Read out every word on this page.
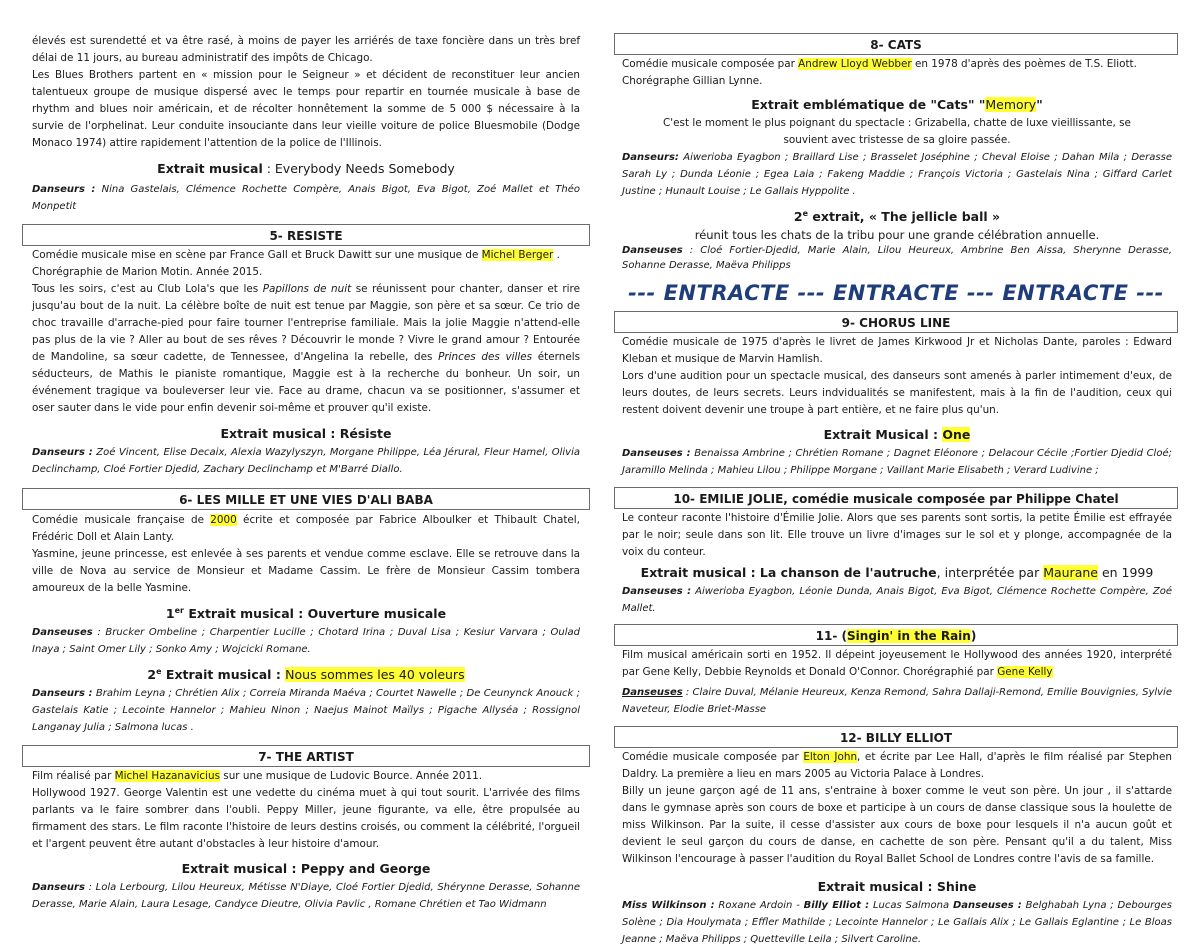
élevés est surendetté et va être rasé, à moins de payer les arriérés de taxe foncière dans un très bref délai de 11 jours, au bureau administratif des impôts de Chicago.

Les Blues Brothers partent en « mission pour le Seigneur » et décident de reconstituer leur ancien talentueux groupe de musique dispersé avec le temps pour repartir en tournée musicale à base de rhythm and blues noir américain, et de récolter honnêtement la somme de 5 000 $ nécessaire à la survie de l'orphelinat. Leur conduite insouciante dans leur vieille voiture de police Bluesmobile (Dodge Monaco 1974) attire rapidement l'attention de la police de l'Illinois.

Extrait musical : Everybody Needs Somebody

Danseurs : Nina Gastelais, Clémence Rochette Compère, Anais Bigot, Eva Bigot, Zoé Mallet et Théo Monpetit

5- RESISTE

Comédie musicale mise en scène par France Gall et Bruck Dawitt sur une musique de Michel Berger .

Chorégraphie de Marion Motin. Année 2015.

Tous les soirs, c'est au Club Lola's que les Papillons de nuit se réunissent pour chanter, danser et rire jusqu'au bout de la nuit. La célèbre boîte de nuit est tenue par Maggie, son père et sa sœur. Ce trio de choc travaille d'arrache-pied pour faire tourner l'entreprise familiale. Mais la jolie Maggie n'attend-elle pas plus de la vie ? Aller au bout de ses rêves ? Découvrir le monde ? Vivre le grand amour ? Entourée de Mandoline, sa sœur cadette, de Tennessee, d'Angelina la rebelle, des Princes des villes éternels séducteurs, de Mathis le pianiste romantique, Maggie est à la recherche du bonheur. Un soir, un événement tragique va bouleverser leur vie. Face au drame, chacun va se positionner, s'assumer et oser sauter dans le vide pour enfin devenir soi-même et prouver qu'il existe.

Extrait musical : Résiste

Danseurs : Zoé Vincent, Elise Decaix, Alexia Wazylyszyn, Morgane Philippe, Léa Jérural, Fleur Hamel, Olivia Declinchamp, Cloé Fortier Djedid, Zachary Declinchamp et M'Barré Diallo.

6- LES MILLE ET UNE VIES D'ALI BABA

Comédie musicale française de 2000 écrite et composée par Fabrice Alboulker et Thibault Chatel, Frédéric Doll et Alain Lanty.

Yasmine, jeune princesse, est enlevée à ses parents et vendue comme esclave. Elle se retrouve dans la ville de Nova au service de Monsieur et Madame Cassim. Le frère de Monsieur Cassim tombera amoureux de la belle Yasmine.

1er Extrait musical : Ouverture musicale

Danseuses : Brucker Ombeline ; Charpentier Lucille ; Chotard Irina ; Duval Lisa ; Kesiur Varvara ; Oulad Inaya ; Saint Omer Lily ; Sonko Amy ; Wojcicki Romane.

2e Extrait musical : Nous sommes les 40 voleurs

Danseurs : Brahim Leyna ; Chrétien Alix ; Correia Miranda Maéva ; Courtet Nawelle ; De Ceunynck Anouck ; Gastelais Katie ; Lecointe Hannelor ; Mahieu Ninon ; Naejus Mainot Maïlys ; Pigache Allyséa ; Rossignol Langanay Julia ; Salmona lucas .

7- THE ARTIST

Film réalisé par Michel Hazanavicius sur une musique de Ludovic Bource. Année 2011.

Hollywood 1927. George Valentin est une vedette du cinéma muet à qui tout sourit. L'arrivée des films parlants va le faire sombrer dans l'oubli. Peppy Miller, jeune figurante, va elle, être propulsée au firmament des stars. Le film raconte l'histoire de leurs destins croisés, ou comment la célébrité, l'orgueil et l'argent peuvent être autant d'obstacles à leur histoire d'amour.

Extrait musical : Peppy and George

Danseurs : Lola Lerbourg, Lilou Heureux, Métisse N'Diaye, Cloé Fortier Djedid, Shérynne Derasse, Sohanne Derasse, Marie Alain, Laura Lesage, Candyce Dieutre, Olivia Pavlic , Romane Chrétien et Tao Widmann

8- CATS

Comédie musicale composée par Andrew Lloyd Webber en 1978 d'après des poèmes de T.S. Eliott.

Chorégraphe Gillian Lynne.

Extrait emblématique de "Cats" "Memory"

C'est le moment le plus poignant du spectacle : Grizabella, chatte de luxe vieillissante, se souvient avec tristesse de sa gloire passée.

Danseurs: Aiwerioba Eyagbon ; Braillard Lise ; Brasselet Joséphine ; Cheval Eloise ; Dahan Mila ; Derasse Sarah Ly ; Dunda Léonie ; Egea Laia ; Fakeng Maddie ; François Victoria ; Gastelais Nina ; Giffard Carlet Justine ; Hunault Louise ; Le Gallais Hyppolite .

2e extrait, « The jellicle ball »

réunit tous les chats de la tribu pour une grande célébration annuelle.

Danseuses : Cloé Fortier-Djedid, Marie Alain, Lilou Heureux, Ambrine Ben Aissa, Sherynne Derasse, Sohanne Derasse, Maëva Philipps

--- ENTRACTE --- ENTRACTE --- ENTRACTE ---
9- CHORUS LINE

Comédie musicale de 1975 d'après le livret de James Kirkwood Jr et Nicholas Dante, paroles : Edward Kleban et musique de Marvin Hamlish.

Lors d'une audition pour un spectacle musical, des danseurs sont amenés à parler intimement d'eux, de leurs doutes, de leurs secrets. Leurs indvidualités se manifestent, mais à la fin de l'audition, ceux qui restent doivent devenir une troupe à part entière, et ne faire plus qu'un.

Extrait Musical : One

Danseuses : Benaissa Ambrine ; Chrétien Romane ; Dagnet Eléonore ; Delacour Cécile ;Fortier Djedid Cloé; Jaramillo Melinda ; Mahieu Lilou ; Philippe Morgane ; Vaillant Marie Elisabeth ; Verard Ludivine ;

10- EMILIE JOLIE, comédie musicale composée par Philippe Chatel

Le conteur raconte l'histoire d'Émilie Jolie. Alors que ses parents sont sortis, la petite Émilie est effrayée par le noir; seule dans son lit. Elle trouve un livre d'images sur le sol et y plonge, accompagnée de la voix du conteur.

Extrait musical : La chanson de l'autruche, interprétée par Maurane en 1999

Danseuses : Aiwerioba Eyagbon, Léonie Dunda, Anais Bigot, Eva Bigot, Clémence Rochette Compère, Zoé Mallet.

11- (Singin' in the Rain)

Film musical américain sorti en 1952. Il dépeint joyeusement le Hollywood des années 1920, interprété par Gene Kelly, Debbie Reynolds et Donald O'Connor. Chorégraphié par Gene Kelly

Danseuses : Claire Duval, Mélanie Heureux, Kenza Remond, Sahra Dallaji-Remond, Emilie Bouvignies, Sylvie Naveteur, Elodie Briet-Masse

12- BILLY ELLIOT

Comédie musicale composée par Elton John, et écrite par Lee Hall, d'après le film réalisé par Stephen Daldry. La première a lieu en mars 2005 au Victoria Palace à Londres.

Billy un jeune garçon agé de 11 ans, s'entraine à boxer comme le veut son père. Un jour , il s'attarde dans le gymnase après son cours de boxe et participe à un cours de danse classique sous la houlette de miss Wilkinson. Par la suite, il cesse d'assister aux cours de boxe pour lesquels il n'a aucun goût et devient le seul garçon du cours de danse, en cachette de son père. Pensant qu'il a du talent, Miss Wilkinson l'encourage à passer l'audition du Royal Ballet School de Londres contre l'avis de sa famille.

Extrait musical : Shine

Miss Wilkinson : Roxane Ardoin - Billy Elliot : Lucas Salmona Danseuses : Belghabah Lyna ; Debourges Solène ; Dia Houlymata ; Effler Mathilde ; Lecointe Hannelor ; Le Gallais Alix ; Le Gallais Eglantine ; Le Bloas Jeanne ; Maëva Philipps ; Quetteville Leila ; Silvert Caroline.
